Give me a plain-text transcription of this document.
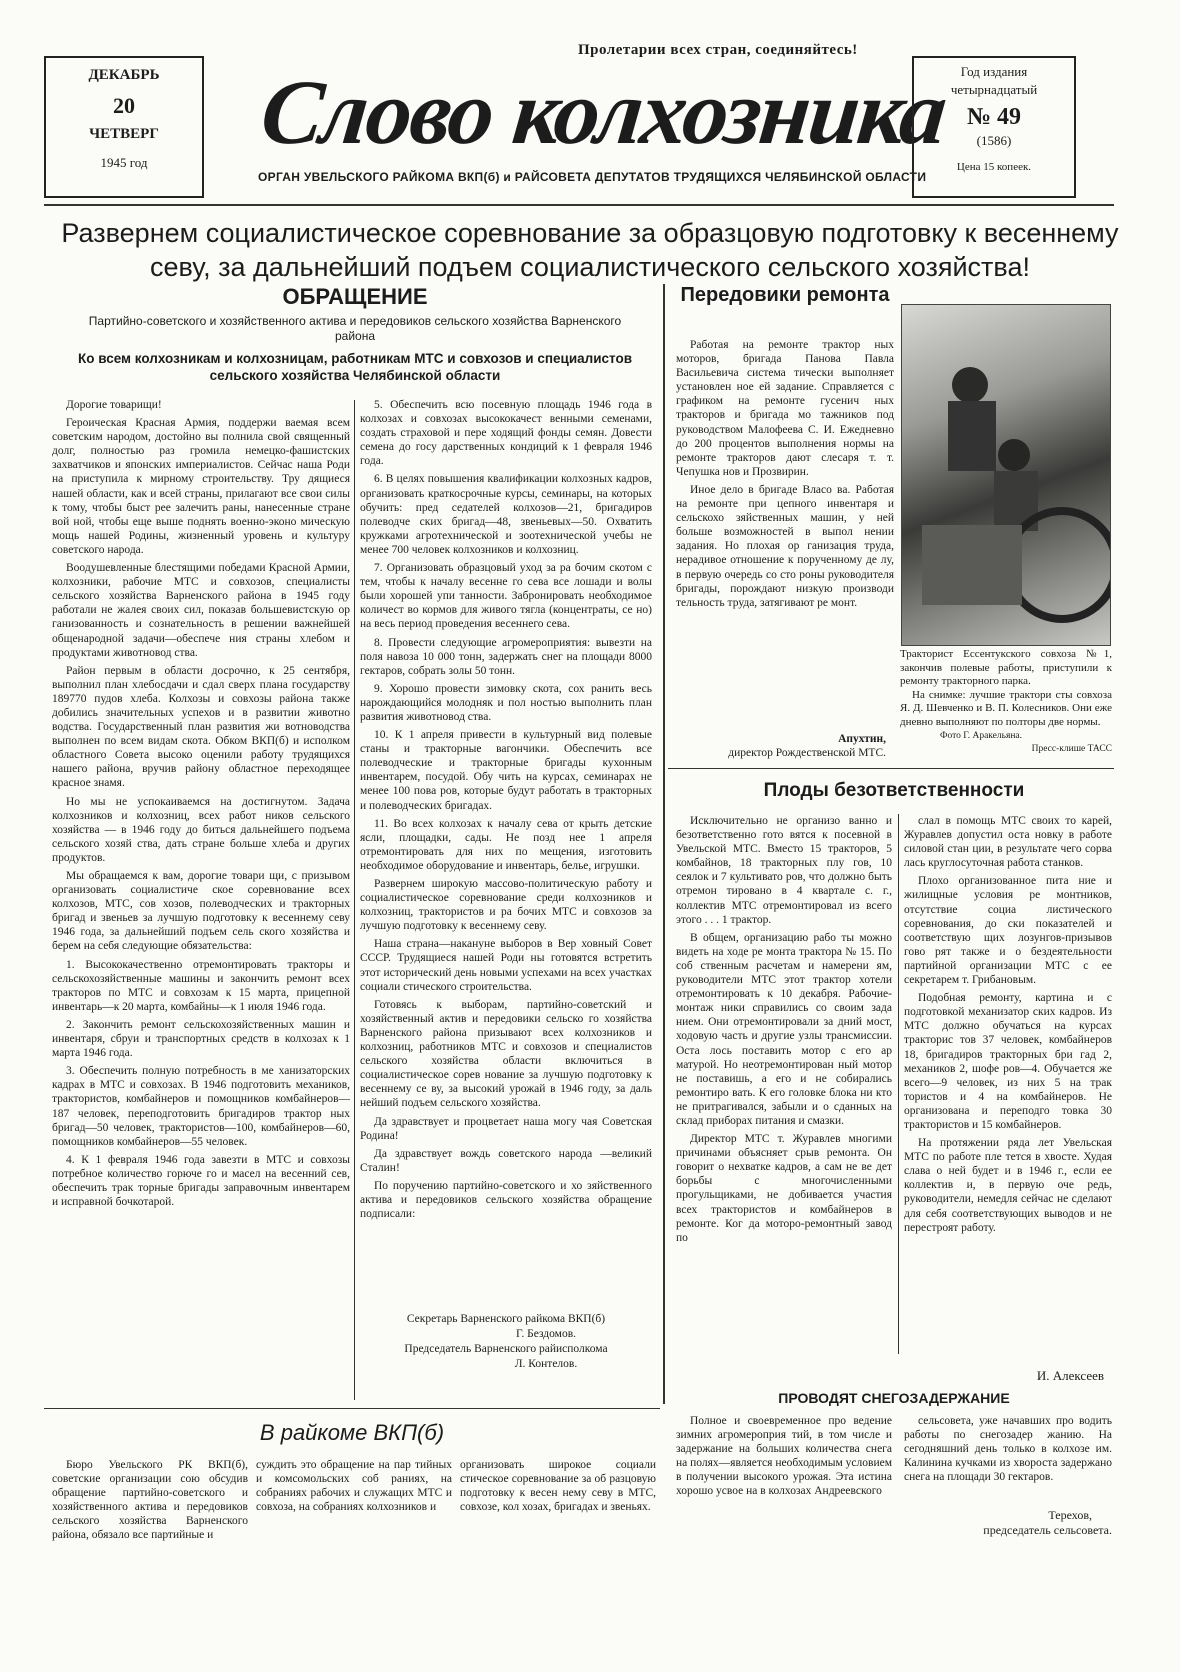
Пролетарии всех стран, соединяйтесь!
ДЕКАБРЬ
20
ЧЕТВЕРГ
1945 год	Слово колхозника
ОРГАН УВЕЛЬСКОГО РАЙКОМА ВКП(б) и РАЙСОВЕТА ДЕПУТАТОВ ТРУДЯЩИХСЯ ЧЕЛЯБИНСКОЙ ОБЛАСТИ
Год издания
четырнадцатый
№ 49
(1586)
Цена 15 копеек.
Развернем социалистическое соревнование за образцовую подготовку к весеннему севу, за дальнейший подъем социалистического сельского хозяйства!
ОБРАЩЕНИЕ
Партийно-советского и хозяйственного актива и передовиков сельского хозяйства Варненского района
Ко всем колхозникам и колхозницам, работникам МТС и совхозов и специалистов сельского хозяйства Челябинской области

Дорогие товарищи!

Героическая Красная Армия, поддержи ваемая всем советским народом, достойно вы полнила свой священный долг, полностью раз громила немецко-фашистских захватчиков и японских империалистов. Сейчас наша Роди на приступила к мирному строительству. Тру дящиеся нашей области, как и всей страны, прилагают все свои силы к тому, чтобы быст рее залечить раны, нанесенные стране вой ной, чтобы еще выше поднять военно-эконо мическую мощь нашей Родины, жизненный уровень и культуру советского народа.

Воодушевленные блестящими победами Красной Армии, колхозники, рабочие МТС и совхозов, специалисты сельского хозяйства Варненского района в 1945 году работали не жалея своих сил, показав большевистскую ор ганизованность и сознательность в решении важнейшей общенародной задачи—обеспече ния страны хлебом и продуктами животновод ства.

Район первым в области досрочно, к 25 сентября, выполнил план хлебосдачи и сдал сверх плана государству 189770 пудов хлеба. Колхозы и совхозы района также добились значительных успехов и в развитии животно водства. Государственный план развития жи вотноводства выполнен по всем видам скота. Обком ВКП(б) и исполком областного Совета высоко оценили работу трудящихся нашего района, вручив району областное переходящее красное знамя.

Но мы не успокаиваемся на достигнутом. Задача колхозников и колхозниц, всех работ ников сельского хозяйства — в 1946 году до биться дальнейшего подъема сельского хозяй ства, дать стране больше хлеба и других продуктов.

Мы обращаемся к вам, дорогие товари щи, с призывом организовать социалистиче ское соревнование всех колхозов, МТС, сов хозов, полеводческих и тракторных бригад и звеньев за лучшую подготовку к весеннему севу 1946 года, за дальнейший подъем сель ского хозяйства и берем на себя следующие обязательства:

1. Высококачественно отремонтировать тракторы и сельскохозяйственные машины и закончить ремонт всех тракторов по МТС и совхозам к 15 марта, прицепной инвентарь—к 20 марта, комбайны—к 1 июля 1946 года.

2. Закончить ремонт сельскохозяйственных машин и инвентаря, сбруи и транспортных средств в колхозах к 1 марта 1946 года.

3. Обеспечить полную потребность в ме ханизаторских кадрах в МТС и совхозах. В 1946 подготовить механиков, трактористов, комбайнеров и помощников комбайнеров—187 человек, переподготовить бригадиров трактор ных бригад—50 человек, трактористов—100, комбайнеров—60, помощников комбайнеров—55 человек.

4. К 1 февраля 1946 года завезти в МТС и совхозы потребное количество горюче го и масел на весенний сев, обеспечить трак торные бригады заправочным инвентарем и исправной бочкотарой.

5. Обеспечить всю посевную площадь 1946 года в колхозах и совхозах высококачест венными семенами, создать страховой и пере ходящий фонды семян. Довести семена до госу дарственных кондиций к 1 февраля 1946 года.

6. В целях повышения квалификации колхозных кадров, организовать краткосрочные курсы, семинары, на которых обучить: пред седателей колхозов—21, бригадиров полеводче ских бригад—48, звеньевых—50. Охватить кружками агротехнической и зоотехнической учебы не менее 700 человек колхозников и колхозниц.

7. Организовать образцовый уход за ра бочим скотом с тем, чтобы к началу весенне го сева все лошади и волы были хорошей упи танности. Забронировать необходимое количест во кормов для живого тягла (концентраты, се но) на весь период проведения весеннего сева.

8. Провести следующие агромероприятия: вывезти на поля навоза 10 000 тонн, задержать снег на площади 8000 гектаров, собрать золы 50 тонн.

9. Хорошо провести зимовку скота, сох ранить весь нарождающийся молодняк и пол ностью выполнить план развития животновод ства.

10. К 1 апреля привести в культурный вид полевые станы и тракторные вагончики. Обеспечить все полеводческие и тракторные бригады кухонным инвентарем, посудой. Обу чить на курсах, семинарах не менее 100 пова ров, которые будут работать в тракторных и полеводческих бригадах.

11. Во всех колхозах к началу сева от крыть детские ясли, площадки, сады. Не позд нее 1 апреля отремонтировать для них по мещения, изготовить необходимое оборудование и инвентарь, белье, игрушки.

Развернем широкую массово-политическую работу и социалистическое соревнование среди колхозников и колхозниц, трактористов и ра бочих МТС и совхозов за лучшую подготовку к весеннему севу.

Наша страна—накануне выборов в Вер ховный Совет СССР. Трудящиеся нашей Роди ны готовятся встретить этот исторический день новыми успехами на всех участках социали стического строительства.

Готовясь к выборам, партийно-советский и хозяйственный актив и передовики сельско го хозяйства Варненского района призывают всех колхозников и колхозниц, работников МТС и совхозов и специалистов сельского хозяйства области включиться в социалистическое сорев нование за лучшую подготовку к весеннему се ву, за высокий урожай в 1946 году, за даль нейший подъем сельского хозяйства.

Да здравствует и процветает наша могу чая Советская Родина!

Да здравствует вождь советского народа —великий Сталин!

По поручению партийно-советского и хо зяйственного актива и передовиков сельского хозяйства обращение подписали:

Секретарь Варненского райкома ВКП(б)
Г. Бездомов.
Председатель Варненского райисполкома
Л. Контелов.
Передовики ремонта

Работая на ремонте трактор ных моторов, бригада Панова Павла Васильевича система тически выполняет установлен ное ей задание. Справляется с графиком на ремонте гусенич ных тракторов и бригада мо тажников под руководством Малофеева С. И. Ежедневно до 200 процентов выполнения нормы на ремонте тракторов дают слесаря т. т. Чепушка нов и Прозвирин.

Иное дело в бригаде Власо ва. Работая на ремонте при цепного инвентаря и сельскохо зяйственных машин, у ней больше возможностей в выпол нении задания. Но плохая ор ганизация труда, нерадивое отношение к порученному де лу, в первую очередь со сто роны руководителя бригады, порождают низкую производи тельность труда, затягивают ре монт.

Апухтин,
директор Рождественской МТС.

Тракторист Ессентукского совхоза №1, закончив полевые работы, приступили к ремонту тракторного парка.

На снимке: лучшие трактори сты совхоза Я. Д. Шевченко и В. П. Колесников. Они еже дневно выполняют по полторы две нормы.

Фото Г. Аракельяна.

Пресс-клише ТАСС

Плоды безответственности

Исключительно не организо ванно и безответственно гото вятся к посевной в Увельской МТС. Вместо 15 тракторов, 5 комбайнов, 18 тракторных плу гов, 10 сеялок и 7 культивато ров, что должно быть отремон тировано в 4 квартале с. г., коллектив МТС отремонтировал из всего этого . . . 1 трактор.

В общем, организацию рабо ты можно видеть на ходе ре монта трактора № 15. По соб ственным расчетам и намерени ям, руководители МТС этот трактор хотели отремонтировать к 10 декабря. Рабочие-монтаж ники справились со своим зада нием. Они отремонтировали за дний мост, ходовую часть и другие узлы трансмиссии. Оста лось поставить мотор с его ар матурой. Но неотремонтирован ный мотор не поставишь, а его и не собирались ремонтиро вать. К его головке блока ни кто не притрагивался, забыли и о сданных на склад приборах питания и смазки.

Директор МТС т. Журавлев многими причинами объясняет срыв ремонта. Он говорит о нехватке кадров, а сам не ве дет борьбы с многочисленными прогульщиками, не добивается участия всех трактористов и комбайнеров в ремонте. Ког да моторо-ремонтный завод по

слал в помощь МТС своих то карей, Журавлев допустил оста новку в работе силовой стан ции, в результате чего сорва лась круглосуточная работа станков.

Плохо организованное пита ние и жилищные условия ре монтников, отсутствие социа листического соревнования, до ски показателей и соответствую щих лозунгов-призывов гово рят также и о бездеятельности партийной организации МТС с ее секретарем т. Грибановым.

Подобная ремонту, картина и с подготовкой механизатор ских кадров. Из МТС должно обучаться на курсах тракторис тов 37 человек, комбайнеров 18, бригадиров тракторных бри гад 2, механиков 2, шофе ров—4. Обучается же всего—9 человек, из них 5 на трак тористов и 4 на комбайнеров. Не организована и переподго товка 30 трактористов и 15 комбайнеров.

На протяжении ряда лет Увельская МТС по работе пле тется в хвосте. Худая слава о ней будет и в 1946 г., если ее коллектив и, в первую оче редь, руководители, немедля сейчас не сделают для себя соответствующих выводов и не перестроят работу.

И. Алексеев
ПРОВОДЯТ СНЕГОЗАДЕРЖАНИЕ

Полное и своевременное про ведение зимних агромероприя тий, в том числе и задержание на больших количества снега на полях—является необходимым условием в получении высокого урожая. Эта истина хорошо усвое на в колхозах Андреевского

сельсовета, уже начавших про водить работы по снегозадер жанию. На сегодняшний день только в колхозе им. Калинина кучками из хвороста задержано снега на площади 30 гектаров.

Терехов,
председатель сельсовета.
В райкоме ВКП(б)

Бюро Увельского РК ВКП(б), советские организации сою обсудив обращение партийно-советского и хозяйственного актива и передовиков сельского хозяйства Варненского района, обязало все партийные и

суждить это обращение на пар тийных и комсомольских соб раниях, на собраниях рабочих и служащих МТС и совхоза, на собраниях колхозников и

организовать широкое социали стическое соревнование за об разцовую подготовку к весен нему севу в МТС, совхозе, кол хозах, бригадах и звеньях.
